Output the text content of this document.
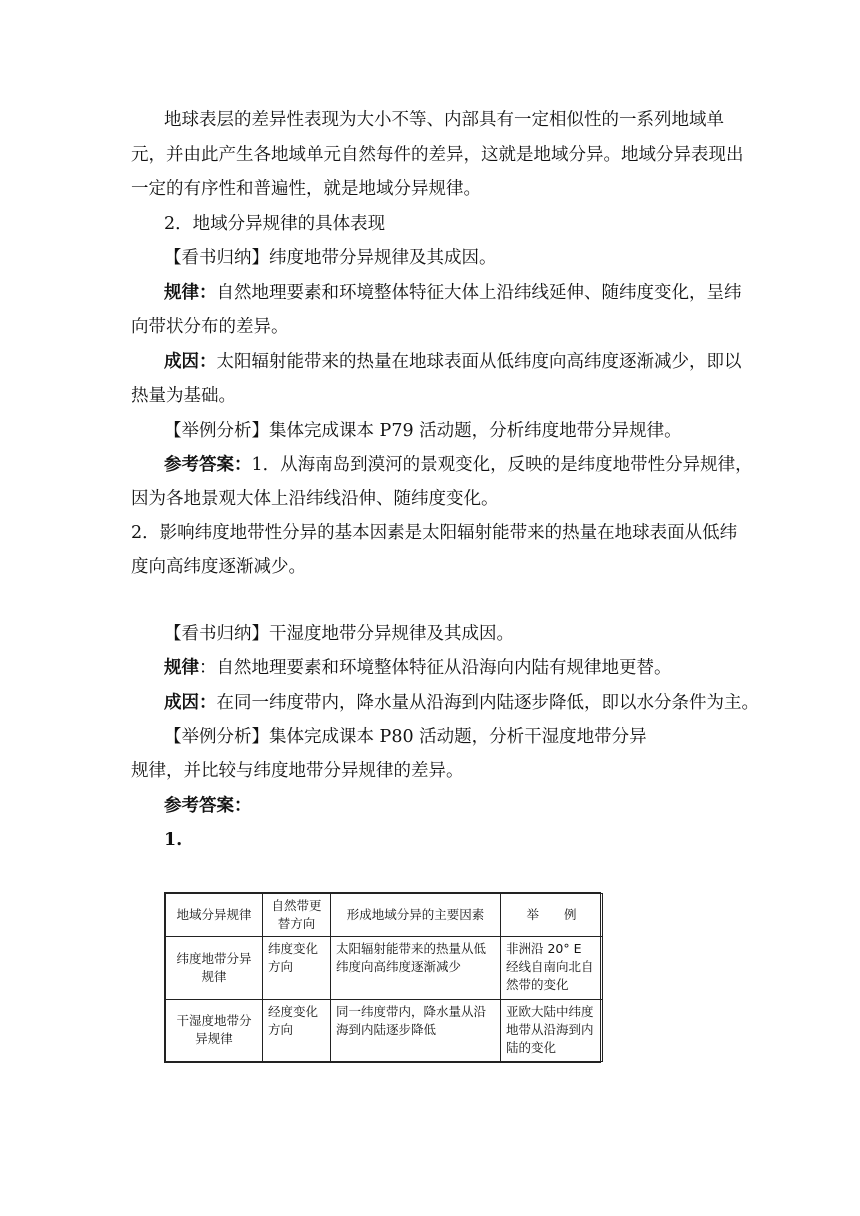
地球表层的差异性表现为大小不等、内部具有一定相似性的一系列地域单
元，并由此产生各地域单元自然每件的差异，这就是地域分异。地域分异表现出
一定的有序性和普遍性，就是地域分异规律。
2．地域分异规律的具体表现
【看书归纳】纬度地带分异规律及其成因。
规律：自然地理要素和环境整体特征大体上沿纬线延伸、随纬度变化，呈纬
向带状分布的差异。
成因：太阳辐射能带来的热量在地球表面从低纬度向高纬度逐渐减少，即以
热量为基础。
【举例分析】集体完成课本 P79 活动题，分析纬度地带分异规律。
参考答案：1．从海南岛到漠河的景观变化，反映的是纬度地带性分异规律，
因为各地景观大体上沿纬线沿伸、随纬度变化。
2．影响纬度地带性分异的基本因素是太阳辐射能带来的热量在地球表面从低纬
度向高纬度逐渐减少。
【看书归纳】干湿度地带分异规律及其成因。
规律：自然地理要素和环境整体特征从沿海向内陆有规律地更替。
成因：在同一纬度带内，降水量从沿海到内陆逐步降低，即以水分条件为主。
【举例分析】集体完成课本 P80 活动题，分析干湿度地带分异
规律，并比较与纬度地带分异规律的差异。
参考答案：
1.
地域分异规律	自然带更替方向	形成地域分异的主要因素	举　　例
纬度地带分异规律	纬度变化方向	太阳辐射能带来的热量从低纬度向高纬度逐渐减少	非洲沿 20° E 经线自南向北自然带的变化
干湿度地带分异规律	经度变化方向	同一纬度带内，降水量从沿海到内陆逐步降低	亚欧大陆中纬度地带从沿海到内陆的变化
